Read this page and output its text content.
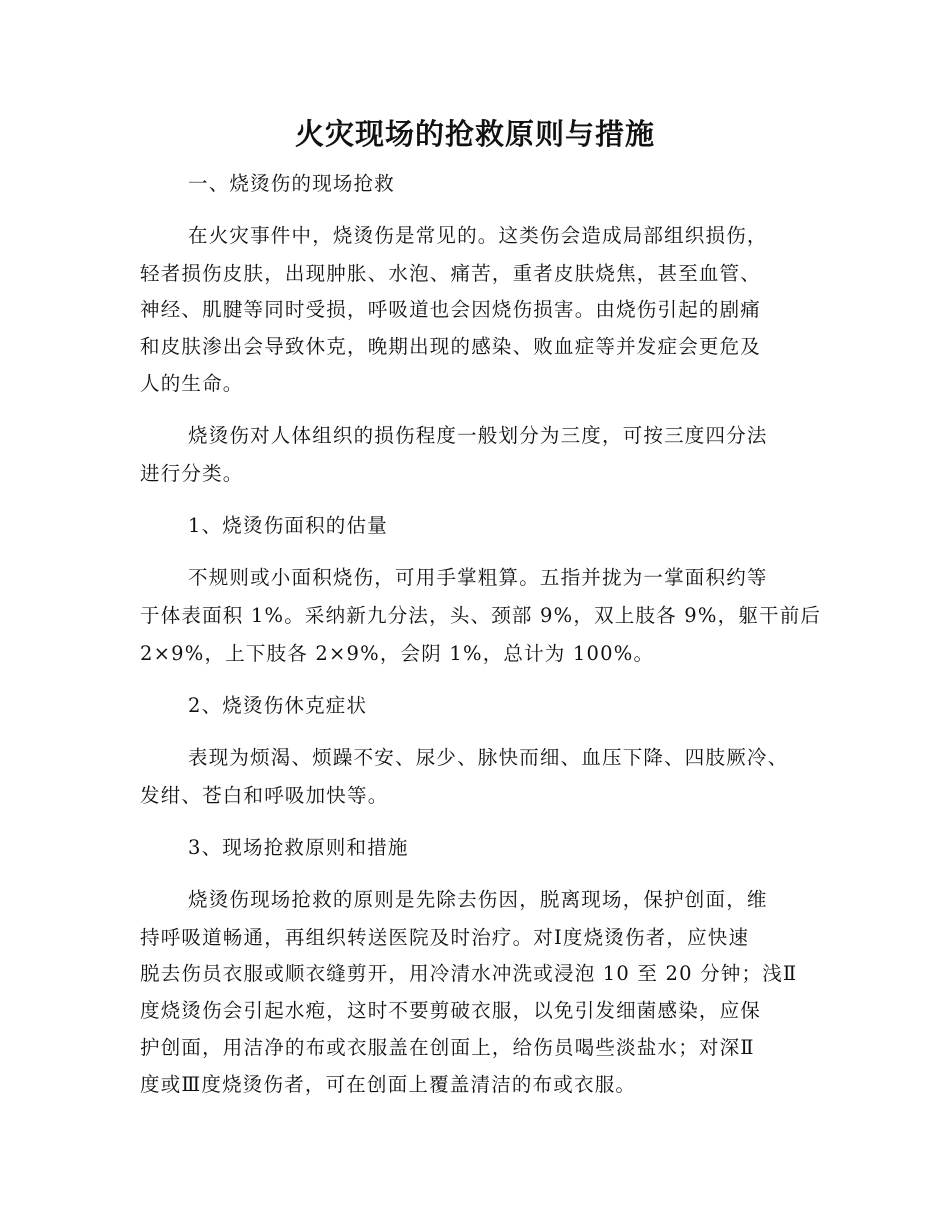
火灾现场的抢救原则与措施

一、烧烫伤的现场抢救

在火灾事件中，烧烫伤是常见的。这类伤会造成局部组织损伤，

轻者损伤皮肤，出现肿胀、水泡、痛苦，重者皮肤烧焦，甚至血管、

神经、肌腱等同时受损，呼吸道也会因烧伤损害。由烧伤引起的剧痛

和皮肤渗出会导致休克，晚期出现的感染、败血症等并发症会更危及

人的生命。

烧烫伤对人体组织的损伤程度一般划分为三度，可按三度四分法

进行分类。

1、烧烫伤面积的估量

不规则或小面积烧伤，可用手掌粗算。五指并拢为一掌面积约等

于体表面积 1%。采纳新九分法，头、颈部 9%，双上肢各 9%，躯干前后

2×9%，上下肢各 2×9%，会阴 1%，总计为 100%。

2、烧烫伤休克症状

表现为烦渴、烦躁不安、尿少、脉快而细、血压下降、四肢厥冷、

发绀、苍白和呼吸加快等。

3、现场抢救原则和措施

烧烫伤现场抢救的原则是先除去伤因，脱离现场，保护创面，维

持呼吸道畅通，再组织转送医院及时治疗。对Ⅰ度烧烫伤者，应快速

脱去伤员衣服或顺衣缝剪开，用冷清水冲洗或浸泡 10 至 20 分钟；浅Ⅱ

度烧烫伤会引起水疱，这时不要剪破衣服，以免引发细菌感染，应保

护创面，用洁净的布或衣服盖在创面上，给伤员喝些淡盐水；对深Ⅱ

度或Ⅲ度烧烫伤者，可在创面上覆盖清洁的布或衣服。
